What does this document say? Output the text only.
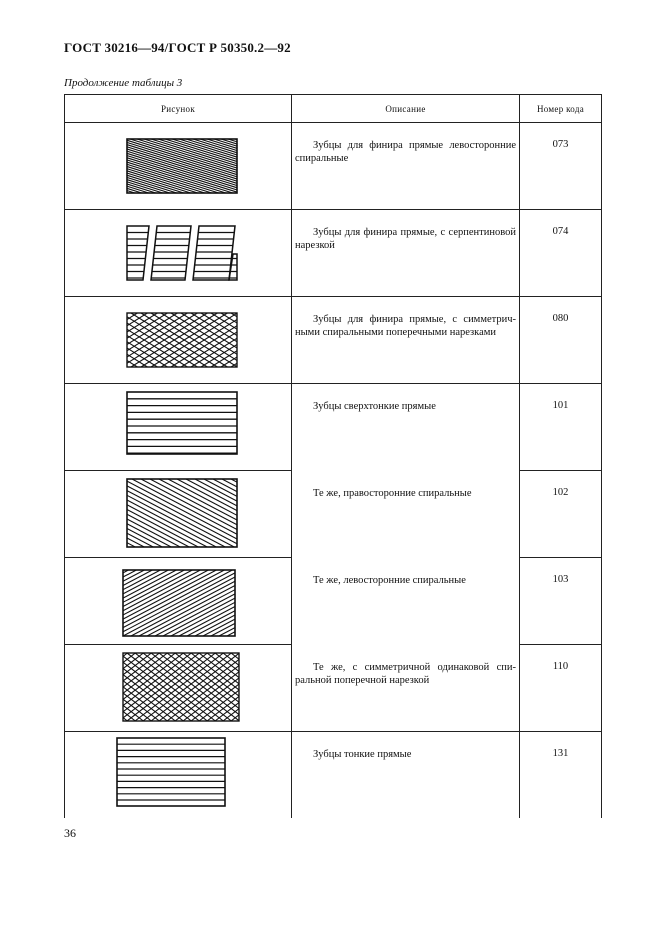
ГОСТ 30216—94/ГОСТ Р 50350.2—92
Продолжение таблицы 3
Рисунок	Описание	Номер кода

Зубцы для финира прямые левосторонние спиральные	073

Зубцы для финира прямые, с серпентиновой нарезкой	074

Зубцы для финира прямые, с симметричными спиральными поперечными нарезками	080

Зубцы сверхтонкие прямые	101

Те же, правосторонние спиральные	102

Те же, левосторонние спиральные	103

Те же, с симметричной одинаковой спиральной поперечной нарезкой	110

Зубцы тонкие прямые	131
36
